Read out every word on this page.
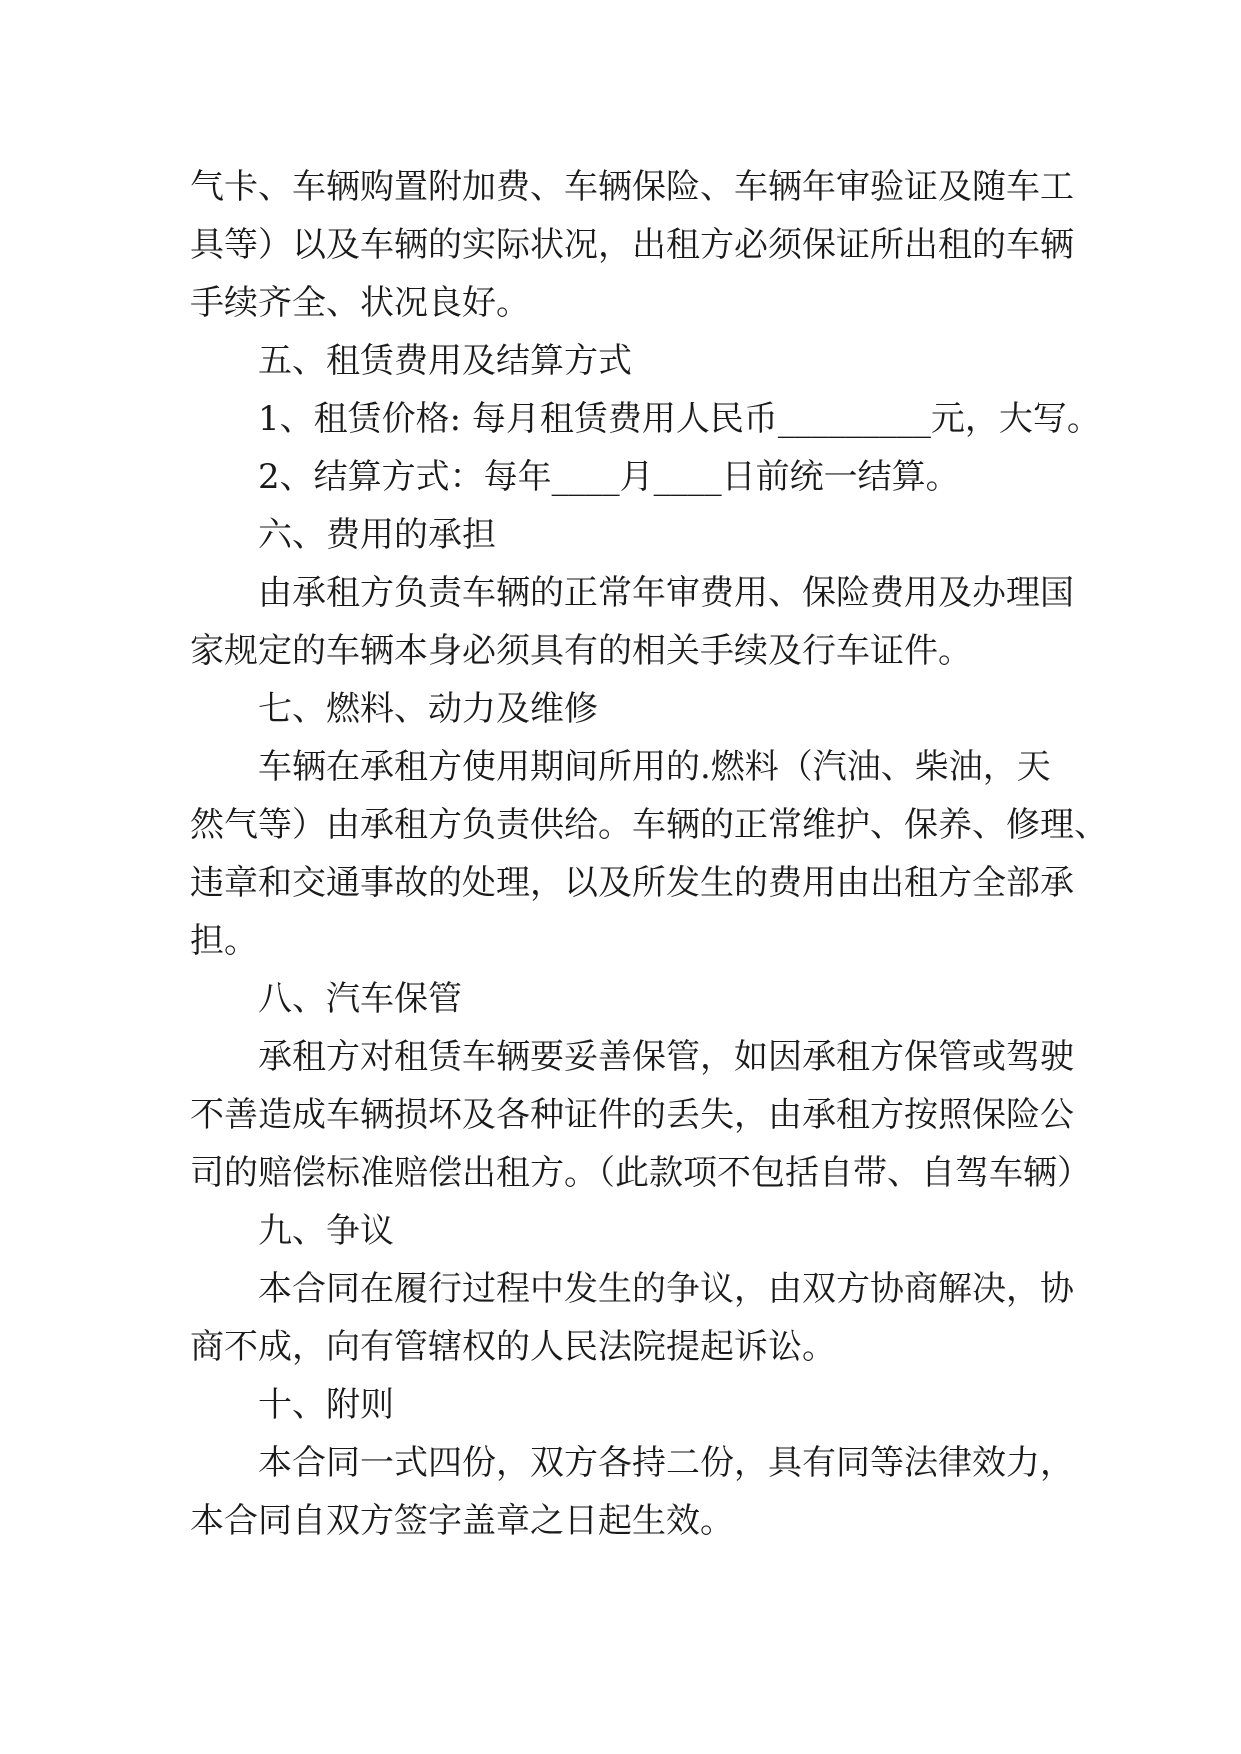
气卡、车辆购置附加费、车辆保险、车辆年审验证及随车工
具等）以及车辆的实际状况，出租方必须保证所出租的车辆
手续齐全、状况良好。
五、租赁费用及结算方式
1、租赁价格: 每月租赁费用人民币_________元，大写。
2、结算方式：每年____月____日前统一结算。
六、费用的承担
由承租方负责车辆的正常年审费用、保险费用及办理国
家规定的车辆本身必须具有的相关手续及行车证件。
七、燃料、动力及维修
车辆在承租方使用期间所用的.燃料（汽油、柴油，天
然气等）由承租方负责供给。车辆的正常维护、保养、修理、
违章和交通事故的处理，以及所发生的费用由出租方全部承
担。
八、汽车保管
承租方对租赁车辆要妥善保管，如因承租方保管或驾驶
不善造成车辆损坏及各种证件的丢失，由承租方按照保险公
司的赔偿标准赔偿出租方。（此款项不包括自带、自驾车辆）
九、争议
本合同在履行过程中发生的争议，由双方协商解决，协
商不成，向有管辖权的人民法院提起诉讼。
十、附则
本合同一式四份，双方各持二份，具有同等法律效力，
本合同自双方签字盖章之日起生效。
